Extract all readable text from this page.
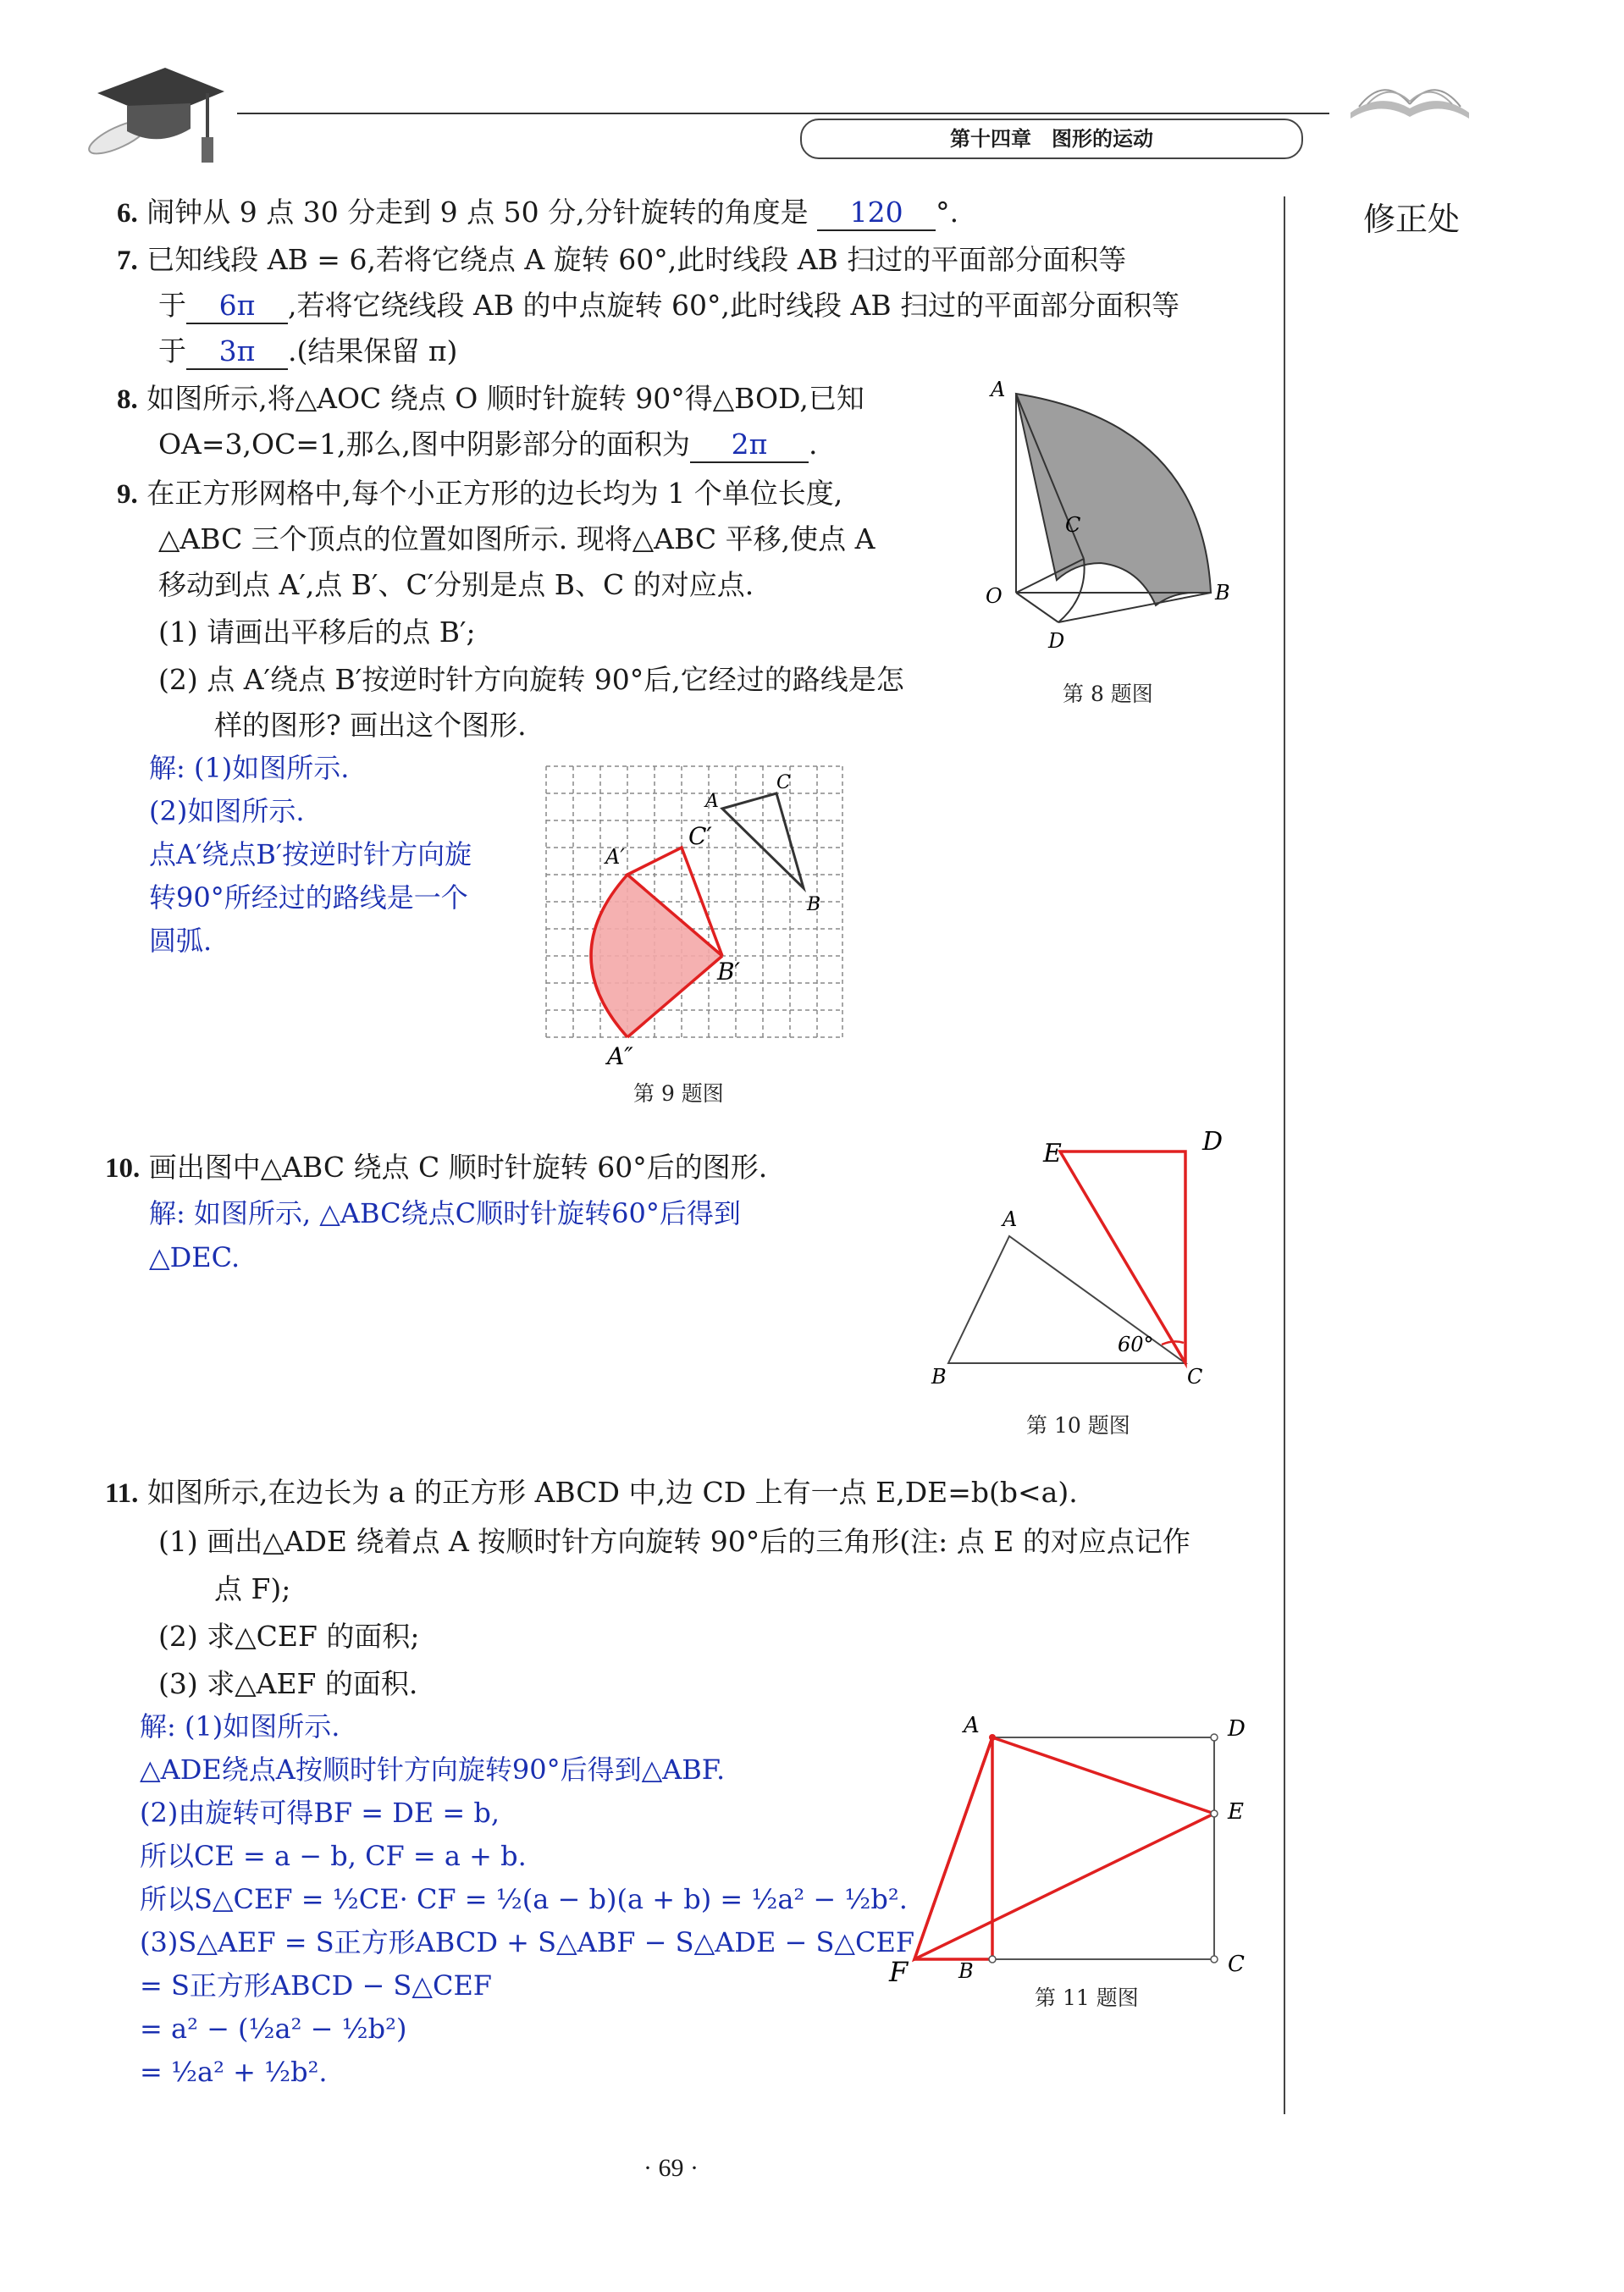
第十四章　图形的运动
修正处
6. 闹钟从 9 点 30 分走到 9 点 50 分,分针旋转的角度是 120 °.
7. 已知线段 AB = 6,若将它绕点 A 旋转 60°,此时线段 AB 扫过的平面部分面积等
于 6π ,若将它绕线段 AB 的中点旋转 60°,此时线段 AB 扫过的平面部分面积等
于 3π .(结果保留 π)
8. 如图所示,将△AOC 绕点 O 顺时针旋转 90°得△BOD,已知
OA=3,OC=1,那么,图中阴影部分的面积为 2π .
A
C
O	B
D
第 8 题图
9. 在正方形网格中,每个小正方形的边长均为 1 个单位长度,
△ABC 三个顶点的位置如图所示. 现将△ABC 平移,使点 A
移动到点 A′,点 B′、C′分别是点 B、C 的对应点.
(1) 请画出平移后的点 B′;
(2) 点 A′绕点 B′按逆时针方向旋转 90°后,它经过的路线是怎
样的图形? 画出这个图形.
解: (1)如图所示.
(2)如图所示.
点A′绕点B′按逆时针方向旋
转90°所经过的路线是一个
圆弧.
A
C
B
A′
C′
B′
A″
第 9 题图
10. 画出图中△ABC 绕点 C 顺时针旋转 60°后的图形.
解: 如图所示, △ABC绕点C顺时针旋转60°后得到
△DEC.
E	D
A
B	C
60°
第 10 题图
11. 如图所示,在边长为 a 的正方形 ABCD 中,边 CD 上有一点 E,DE=b(b<a).
(1) 画出△ADE 绕着点 A 按顺时针方向旋转 90°后的三角形(注: 点 E 的对应点记作
点 F);
(2) 求△CEF 的面积;
(3) 求△AEF 的面积.
解: (1)如图所示.
△ADE绕点A按顺时针方向旋转90°后得到△ABF.
(2)由旋转可得BF = DE = b,
所以CE = a − b, CF = a + b.
所以S△CEF = ½CE· CF = ½(a − b)(a + b) = ½a² − ½b².
(3)S△AEF = S正方形ABCD + S△ABF − S△ADE − S△CEF
= S正方形ABCD − S△CEF
= a² − (½a² − ½b²)
= ½a² + ½b².
A	D
E
F B	C
第 11 题图
· 69 ·
